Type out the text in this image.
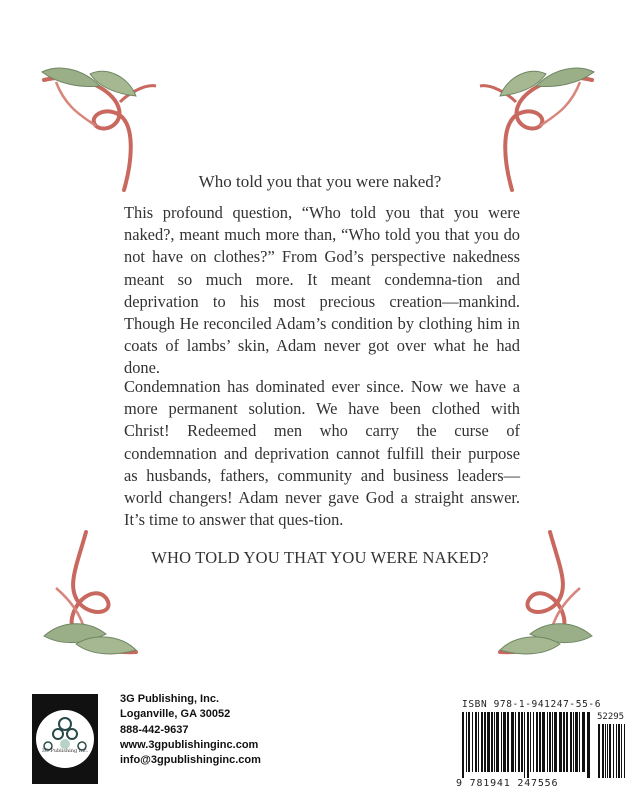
Who told you that you were naked?
This profound question, “Who told you that you were naked?, meant much more than, “Who told you that you do not have on clothes?” From God’s perspective nakedness meant so much more. It meant condemna-tion and deprivation to his most precious creation—mankind. Though He reconciled Adam’s condition by clothing him in coats of lambs’ skin, Adam never got over what he had done.
Condemnation has dominated ever since. Now we have a more permanent solution. We have been clothed with Christ! Redeemed men who carry the curse of condemnation and deprivation cannot fulfill their purpose as husbands, fathers, community and business leaders—world changers! Adam never gave God a straight answer. It’s time to answer that ques-tion.
WHO TOLD YOU THAT YOU WERE NAKED?
3G Publishing Inc.
3G Publishing, Inc.
Loganville, GA 30052
888-442-9637
www.3gpublishinginc.com
info@3gpublishinginc.com
ISBN 978-1-941247-55-6
9 781941 247556
52295
